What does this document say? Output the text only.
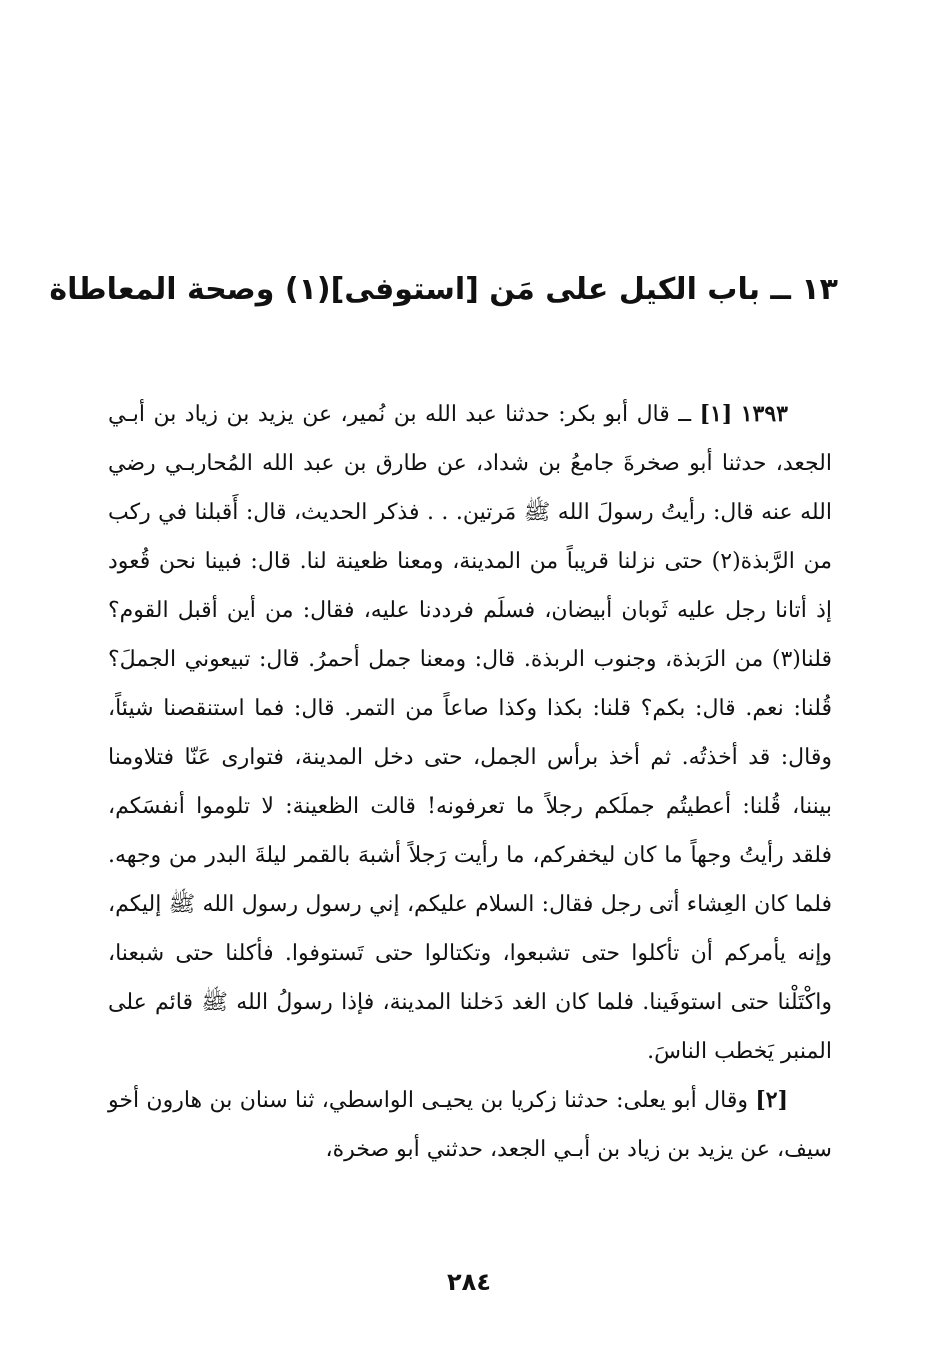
١٣ ــ باب الكيل على مَن [استوفى](١) وصحة المعاطاة

١٣٩٣ [١] ــ قال أبو بكر: حدثنا عبد الله بن نُمير، عن يزيد بن زياد بن أبـي الجعد، حدثنا أبو صخرةَ جامعُ بن شداد، عن طارق بن عبد الله المُحاربـي رضي الله عنه قال: رأيتُ رسولَ الله ﷺ مَرتين. . . فذكر الحديث، قال: أَقبلنا في ركب من الرَّبذة(٢) حتى نزلنا قريباً من المدينة، ومعنا ظعينة لنا. قال: فبينا نحن قُعود إذ أتانا رجل عليه ثَوبان أبيضان، فسلَم فرددنا عليه، فقال: من أين أقبل القوم؟ قلنا(٣) من الرَبذة، وجنوب الربذة. قال: ومعنا جمل أحمرُ. قال: تبيعوني الجملَ؟ قُلنا: نعم. قال: بكم؟ قلنا: بكذا وكذا صاعاً من التمر. قال: فما استنقصنا شيئاً، وقال: قد أخذتُه. ثم أخذ برأس الجمل، حتى دخل المدينة، فتوارى عَنّا فتلاومنا بيننا، قُلنا: أعطيتُم جملَكم رجلاً ما تعرفونه! قالت الظعينة: لا تلوموا أنفسَكم، فلقد رأيتُ وجهاً ما كان ليخفركم، ما رأيت رَجلاً أشبهَ بالقمر ليلةَ البدر من وجهه. فلما كان العِشاء أتى رجل فقال: السلام عليكم، إني رسول رسول الله ﷺ إليكم، وإنه يأمركم أن تأكلوا حتى تشبعوا، وتكتالوا حتى تَستوفوا. فأكلنا حتى شبعنا، واكْتَلْنا حتى استوفَينا. فلما كان الغد دَخلنا المدينة، فإذا رسولُ الله ﷺ قائم على المنبر يَخطب الناسَ.

[٢] وقال أبو يعلى: حدثنا زكريا بن يحيـى الواسطي، ثنا سنان بن هارون أخو سيف، عن يزيد بن زياد بن أبـي الجعد، حدثني أبو صخرة،

٢٨٤
